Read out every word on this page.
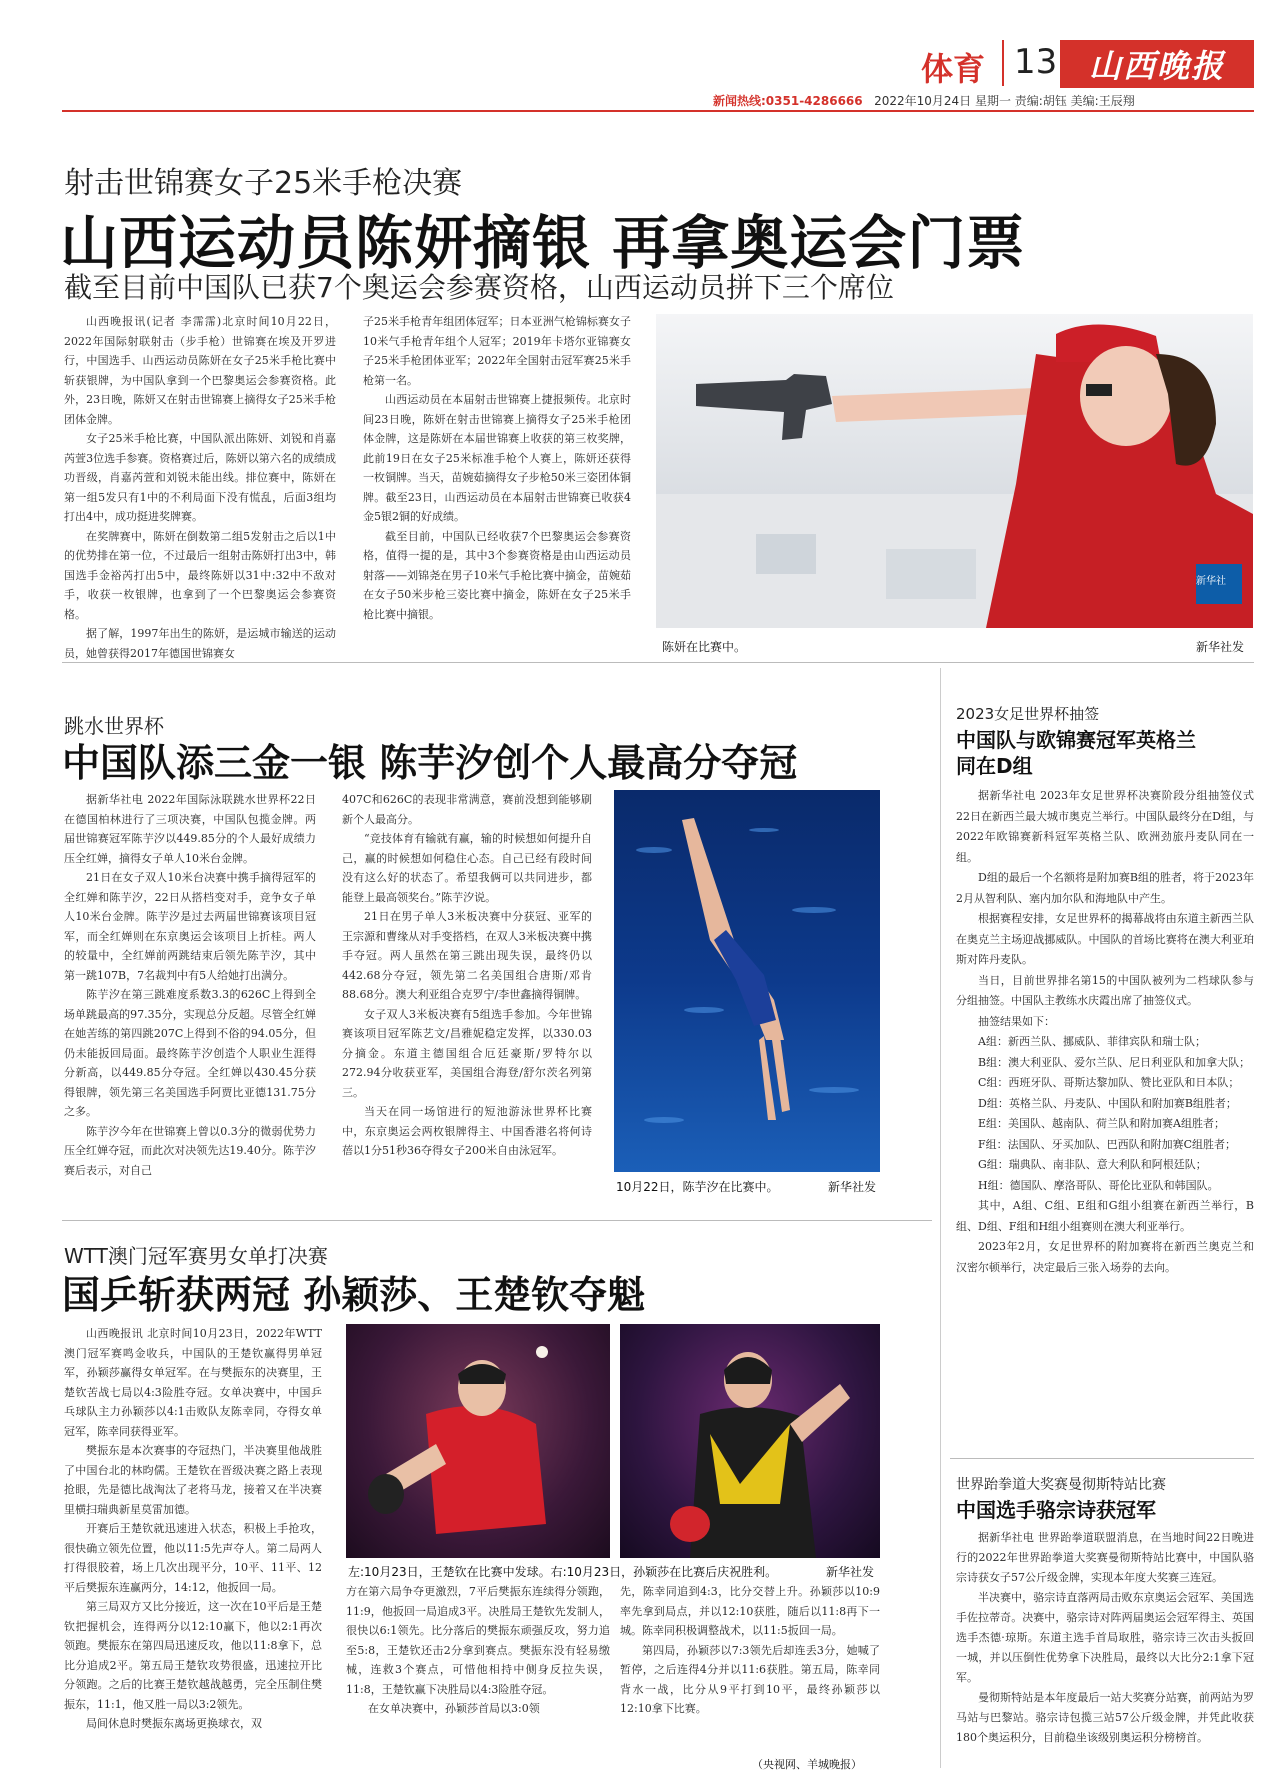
体育 13 山西晚报
新闻热线:0351-4286666 2022年10月24日 星期一 责编:胡钰 美编:王辰翔
射击世锦赛女子25米手枪决赛
山西运动员陈妍摘银 再拿奥运会门票
截至目前中国队已获7个奥运会参赛资格，山西运动员拼下三个席位

山西晚报讯(记者 李霈霈)北京时间10月22日，2022年国际射联射击（步手枪）世锦赛在埃及开罗进行，中国选手、山西运动员陈妍在女子25米手枪比赛中斩获银牌，为中国队拿到一个巴黎奥运会参赛资格。此外，23日晚，陈妍又在射击世锦赛上摘得女子25米手枪团体金牌。

女子25米手枪比赛，中国队派出陈妍、刘锐和肖嘉芮萱3位选手参赛。资格赛过后，陈妍以第六名的成绩成功晋级，肖嘉芮萱和刘锐未能出线。排位赛中，陈妍在第一组5发只有1中的不利局面下没有慌乱，后面3组均打出4中，成功挺进奖牌赛。

在奖牌赛中，陈妍在倒数第二组5发射击之后以1中的优势排在第一位，不过最后一组射击陈妍打出3中，韩国选手金裕芮打出5中，最终陈妍以31中:32中不敌对手，收获一枚银牌，也拿到了一个巴黎奥运会参赛资格。

据了解，1997年出生的陈妍，是运城市输送的运动员，她曾获得2017年德国世锦赛女

子25米手枪青年组团体冠军；日本亚洲气枪锦标赛女子10米气手枪青年组个人冠军；2019年卡塔尔亚锦赛女子25米手枪团体亚军；2022年全国射击冠军赛25米手枪第一名。

山西运动员在本届射击世锦赛上捷报频传。北京时间23日晚，陈妍在射击世锦赛上摘得女子25米手枪团体金牌，这是陈妍在本届世锦赛上收获的第三枚奖牌，此前19日在女子25米标准手枪个人赛上，陈妍还获得一枚铜牌。当天，苗婉茹摘得女子步枪50米三姿团体铜牌。截至23日，山西运动员在本届射击世锦赛已收获4金5银2铜的好成绩。

截至目前，中国队已经收获7个巴黎奥运会参赛资格，值得一提的是，其中3个参赛资格是由山西运动员射落——刘锦尧在男子10米气手枪比赛中摘金，苗婉茹在女子50米步枪三姿比赛中摘金，陈妍在女子25米手枪比赛中摘银。

新华社
陈妍在比赛中。	新华社发
跳水世界杯
中国队添三金一银 陈芋汐创个人最高分夺冠

据新华社电 2022年国际泳联跳水世界杯22日在德国柏林进行了三项决赛，中国队包揽金牌。两届世锦赛冠军陈芋汐以449.85分的个人最好成绩力压全红婵，摘得女子单人10米台金牌。

21日在女子双人10米台决赛中携手摘得冠军的全红婵和陈芋汐，22日从搭档变对手，竞争女子单人10米台金牌。陈芋汐是过去两届世锦赛该项目冠军，而全红婵则在东京奥运会该项目上折桂。两人的较量中，全红婵前两跳结束后领先陈芋汐，其中第一跳107B，7名裁判中有5人给她打出满分。

陈芋汐在第三跳难度系数3.3的626C上得到全场单跳最高的97.35分，实现总分反超。尽管全红婵在她苦练的第四跳207C上得到不俗的94.05分，但仍未能扳回局面。最终陈芋汐创造个人职业生涯得分新高，以449.85分夺冠。全红婵以430.45分获得银牌，领先第三名美国选手阿贾比亚德131.75分之多。

陈芋汐今年在世锦赛上曾以0.3分的微弱优势力压全红婵夺冠，而此次对决领先达19.40分。陈芋汐赛后表示，对自己

407C和626C的表现非常满意，赛前没想到能够刷新个人最高分。

“竞技体育有输就有赢，输的时候想如何提升自己，赢的时候想如何稳住心态。自己已经有段时间没有这么好的状态了。希望我俩可以共同进步，都能登上最高领奖台。”陈芋汐说。

21日在男子单人3米板决赛中分获冠、亚军的王宗源和曹缘从对手变搭档，在双人3米板决赛中携手夺冠。两人虽然在第三跳出现失误，最终仍以442.68分夺冠，领先第二名美国组合唐斯/邓肯88.68分。澳大利亚组合克罗宁/李世鑫摘得铜牌。

女子双人3米板决赛有5组选手参加。今年世锦赛该项目冠军陈艺文/昌雅妮稳定发挥，以330.03分摘金。东道主德国组合厄廷豪斯/罗特尔以272.94分收获亚军，美国组合海登/舒尔茨名列第三。

当天在同一场馆进行的短池游泳世界杯比赛中，东京奥运会两枚银牌得主、中国香港名将何诗蓓以1分51秒36夺得女子200米自由泳冠军。

10月22日，陈芋汐在比赛中。	新华社发
WTT澳门冠军赛男女单打决赛
国乒斩获两冠 孙颖莎、王楚钦夺魁

山西晚报讯 北京时间10月23日，2022年WTT澳门冠军赛鸣金收兵，中国队的王楚钦赢得男单冠军，孙颖莎赢得女单冠军。在与樊振东的决赛里，王楚钦苦战七局以4:3险胜夺冠。女单决赛中，中国乒乓球队主力孙颖莎以4:1击败队友陈幸同，夺得女单冠军，陈幸同获得亚军。

樊振东是本次赛事的夺冠热门，半决赛里他战胜了中国台北的林昀儒。王楚钦在晋级决赛之路上表现抢眼，先是德比战淘汰了老将马龙，接着又在半决赛里横扫瑞典新星莫雷加德。

开赛后王楚钦就迅速进入状态，积极上手抢攻，很快确立领先位置，他以11:5先声夺人。第二局两人打得很胶着，场上几次出现平分，10平、11平、12平后樊振东连赢两分，14:12，他扳回一局。

第三局双方又比分接近，这一次在10平后是王楚钦把握机会，连得两分以12:10赢下，他以2:1再次领跑。樊振东在第四局迅速反攻，他以11:8拿下，总比分追成2平。第五局王楚钦攻势很盛，迅速拉开比分领跑。之后的比赛王楚钦越战越勇，完全压制住樊振东，11:1，他又胜一局以3:2领先。

局间休息时樊振东离场更换球衣，双

左:10月23日，王楚钦在比赛中发球。右:10月23日，孙颖莎在比赛后庆祝胜利。	新华社发

方在第六局争夺更激烈，7平后樊振东连续得分领跑，11:9，他扳回一局追成3平。决胜局王楚钦先发制人，很快以6:1领先。比分落后的樊振东顽强反攻，努力追至5:8，王楚钦还击2分拿到赛点。樊振东没有轻易缴械，连救3个赛点，可惜他相持中侧身反拉失误，11:8，王楚钦赢下决胜局以4:3险胜夺冠。

在女单决赛中，孙颖莎首局以3:0领

先，陈幸同追到4:3，比分交替上升。孙颖莎以10:9率先拿到局点，并以12:10获胜，随后以11:8再下一城。陈幸同积极调整战术，以11:5扳回一局。

第四局，孙颖莎以7:3领先后却连丢3分，她喊了暂停，之后连得4分并以11:6获胜。第五局，陈幸同背水一战，比分从9平打到10平，最终孙颖莎以12:10拿下比赛。

（央视网、羊城晚报）
2023女足世界杯抽签
中国队与欧锦赛冠军英格兰
同在D组

据新华社电 2023年女足世界杯决赛阶段分组抽签仪式22日在新西兰最大城市奥克兰举行。中国队最终分在D组，与2022年欧锦赛新科冠军英格兰队、欧洲劲旅丹麦队同在一组。

D组的最后一个名额将是附加赛B组的胜者，将于2023年2月从智利队、塞内加尔队和海地队中产生。

根据赛程安排，女足世界杯的揭幕战将由东道主新西兰队在奥克兰主场迎战挪威队。中国队的首场比赛将在澳大利亚珀斯对阵丹麦队。

当日，目前世界排名第15的中国队被列为二档球队参与分组抽签。中国队主教练水庆霞出席了抽签仪式。

抽签结果如下：

A组：新西兰队、挪威队、菲律宾队和瑞士队；

B组：澳大利亚队、爱尔兰队、尼日利亚队和加拿大队；

C组：西班牙队、哥斯达黎加队、赞比亚队和日本队；

D组：英格兰队、丹麦队、中国队和附加赛B组胜者；

E组：美国队、越南队、荷兰队和附加赛A组胜者；

F组：法国队、牙买加队、巴西队和附加赛C组胜者；

G组：瑞典队、南非队、意大利队和阿根廷队；

H组：德国队、摩洛哥队、哥伦比亚队和韩国队。

其中，A组、C组、E组和G组小组赛在新西兰举行，B组、D组、F组和H组小组赛则在澳大利亚举行。

2023年2月，女足世界杯的附加赛将在新西兰奥克兰和汉密尔顿举行，决定最后三张入场券的去向。

世界跆拳道大奖赛曼彻斯特站比赛
中国选手骆宗诗获冠军

据新华社电 世界跆拳道联盟消息，在当地时间22日晚进行的2022年世界跆拳道大奖赛曼彻斯特站比赛中，中国队骆宗诗获女子57公斤级金牌，实现本年度大奖赛三连冠。

半决赛中，骆宗诗直落两局击败东京奥运会冠军、美国选手佐拉蒂奇。决赛中，骆宗诗对阵两届奥运会冠军得主、英国选手杰德·琼斯。东道主选手首局取胜，骆宗诗三次击头扳回一城，并以压倒性优势拿下决胜局，最终以大比分2:1拿下冠军。

曼彻斯特站是本年度最后一站大奖赛分站赛，前两站为罗马站与巴黎站。骆宗诗包揽三站57公斤级金牌，并凭此收获180个奥运积分，目前稳坐该级别奥运积分榜榜首。
